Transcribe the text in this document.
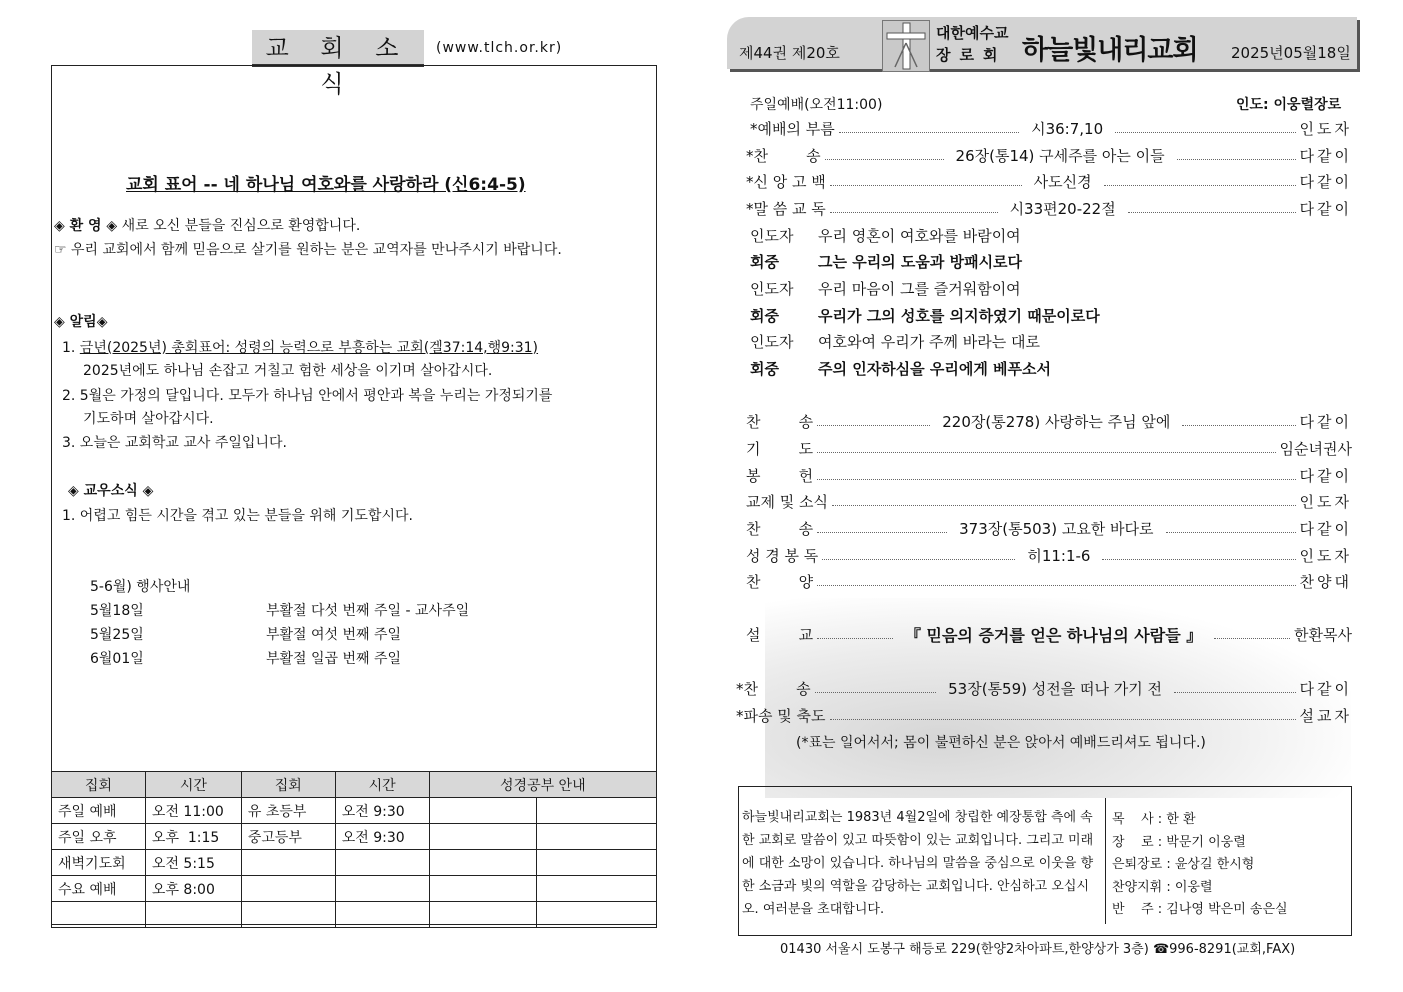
교 회 소 식
(www.tlch.or.kr)
교회 표어 -- 네 하나님 여호와를 사랑하라 (신6:4-5)
◈ 환 영 ◈ 새로 오신 분들을 진심으로 환영합니다.
☞ 우리 교회에서 함께 믿음으로 살기를 원하는 분은 교역자를 만나주시기 바랍니다.
◈ 알림◈
1. 금년(2025년) 총회표어: 성령의 능력으로 부흥하는 교회(겔37:14,행9:31)
2025년에도 하나님 손잡고 거칠고 험한 세상을 이기며 살아갑시다.
2. 5월은 가정의 달입니다. 모두가 하나님 안에서 평안과 복을 누리는 가정되기를
기도하며 살아갑시다.
3. 오늘은 교회학교 교사 주일입니다.
◈ 교우소식 ◈
1. 어렵고 힘든 시간을 겪고 있는 분들을 위해 기도합시다.
5-6월) 행사안내
5월18일	부활절 다섯 번째 주일 - 교사주일
5월25일	부활절 여섯 번째 주일
6월01일	부활절 일곱 번째 주일
집회	시간	집회	시간	성경공부 안내	
주일 예배	오전 11:00	유 초등부	오전 9:30		
주일 오후	오후  1:15	중고등부	오전 9:30		
새벽기도회	오전 5:15				
수요 예배	오후 8:00				

제44권 제20호
대한예수교
장로회 하늘빛내리교회 2025년05월18일
주일예배(오전11:00)	인도: 이웅렬장로
*예배의 부름	시36:7,10	인도자
*찬        송	26장(통14) 구세주를 아는 이들	다같이
*신 앙 고 백	사도신경	다같이
*말 씀 교 독	시33편20-22절	다같이
인도자 우리 영혼이 여호와를 바람이여
회중	그는 우리의 도움과 방패시로다
인도자 우리 마음이 그를 즐거워함이여
회중	우리가 그의 성호를 의지하였기 때문이로다
인도자 여호와여 우리가 주께 바라는 대로
회중	주의 인자하심을 우리에게 베푸소서
찬        송	220장(통278) 사랑하는 주님 앞에	다같이
기        도	임순녀권사
봉        헌	다같이
교제 및 소식	인도자
찬        송	373장(통503) 고요한 바다로	다같이
성 경 봉 독	히11:1-6	인도자
찬        양	찬양대
설        교	『 믿음의 증거를 얻은 하나님의 사람들 』	한환목사
*찬        송	53장(통59) 성전을 떠나 가기 전	다같이
*파송 및 축도	설교자
(*표는 일어서서; 몸이 불편하신 분은 앉아서 예배드리셔도 됩니다.)
하늘빛내리교회는 1983년 4월2일에 창립한 예장통합 측에 속한 교회로 말씀이 있고 따뜻함이 있는 교회입니다. 그리고 미래에 대한 소망이 있습니다. 하나님의 말씀을 중심으로 이웃을 향한 소금과 빛의 역할을 감당하는 교회입니다. 안심하고 오십시오. 여러분을 초대합니다.
목    사 : 한 환
장    로 : 박문기 이웅렬
은퇴장로 : 윤상길 한시형
찬양지휘 : 이웅렬
반    주 : 김나영 박은미 송은실
01430 서울시 도봉구 해등로 229(한양2차아파트,한양상가 3층) ☎996-8291(교회,FAX)
